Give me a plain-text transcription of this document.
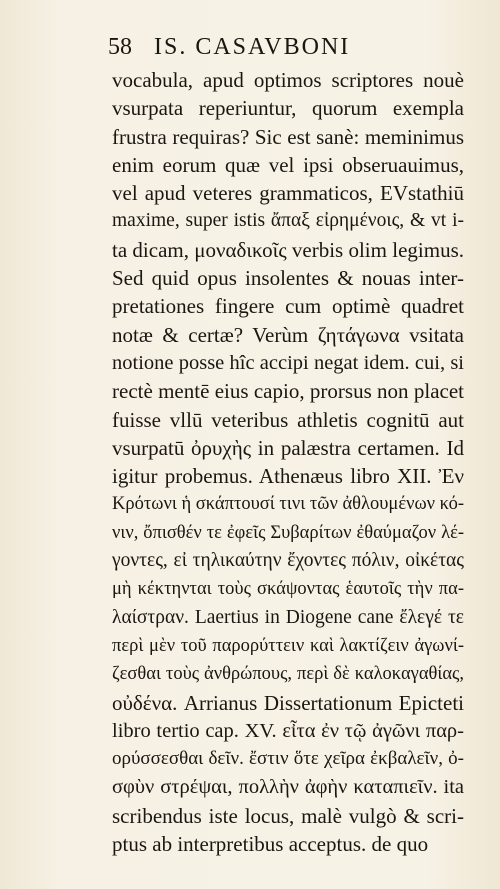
58 IS. CASAVBONI
vocabula, apud optimos scriptores nouè
vsurpata reperiuntur, quorum exempla
frustra requiras? Sic est sanè: meminimus
enim eorum quæ vel ipsi obseruauimus,
vel apud veteres grammaticos, EVstathiū
maxime, super istis ἄπαξ εἰρημένοις, & vt i-
ta dicam, μοναδικοῖς verbis olim legimus.
Sed quid opus insolentes & nouas inter-
pretationes fingere cum optimè quadret
notæ & certæ? Verùm ζητάγωνα vsitata
notione posse hîc accipi negat idem. cui, si
rectè mentē eius capio, prorsus non placet
fuisse vllū veteribus athletis cognitū aut
vsurpatū ὀρυχὴς in palæstra certamen. Id
igitur probemus. Athenæus libro XII. Ἐν
Κρότωνι ἡ σκάπτουσί τινι τῶν ἀθλουμένων κό-
νιν, ὄπισθέν τε ἐφεῖς Συβαρίτων ἐθαύμαζον λέ-
γοντες, εἰ τηλικαύτην ἔχοντες πόλιν, οἰκέτας
μὴ κέκτηνται τοὺς σκάψοντας ἑαυτοῖς τὴν πα-
λαίστραν. Laertius in Diogene cane ἔλεγέ τε
περὶ μὲν τοῦ παρορύττειν καὶ λακτίζειν ἀγωνί-
ζεσθαι τοὺς ἀνθρώπους, περὶ δὲ καλοκαγαθίας,
οὐδένα. Arrianus Dissertationum Epicteti
libro tertio cap. XV. εἶτα ἐν τῷ ἀγῶνι παρ-
ορύσσεσθαι δεῖν. ἔστιν ὅτε χεῖρα ἐκβαλεῖν, ὀ-
σφὺν στρέψαι, πολλὴν ἀφὴν καταπιεῖν. ita
scribendus iste locus, malè vulgò & scri-
ptus ab interpretibus acceptus. de quo
